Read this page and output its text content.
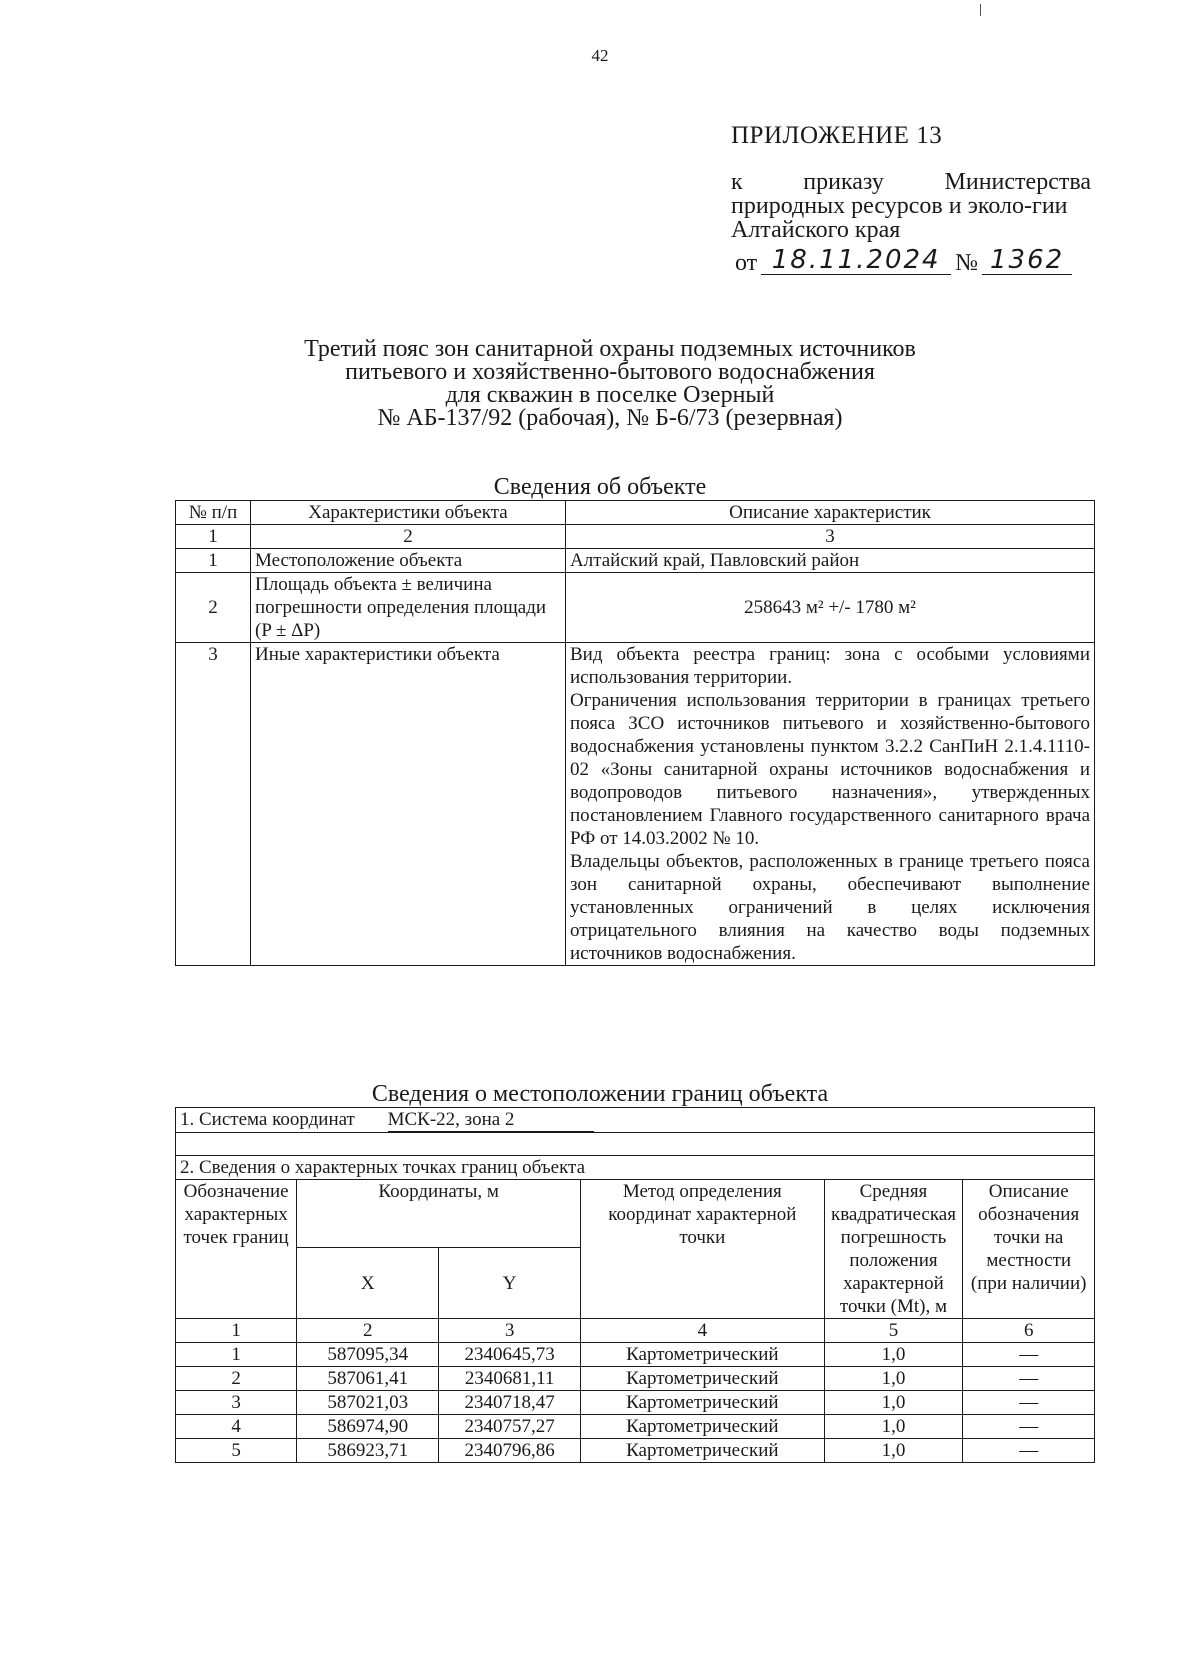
42
ПРИЛОЖЕНИЕ 13
к приказу Министерства
природных ресурсов и эколо-гии Алтайского края
от 18.11.2024 № 1362
Третий пояс зон санитарной охраны подземных источников
питьевого и хозяйственно-бытового водоснабжения
для скважин в поселке Озерный
№ АБ-137/92 (рабочая), № Б-6/73 (резервная)
Сведения об объекте
№ п/п	Характеристики объекта	Описание характеристик
1	2	3
1	Местоположение объекта	Алтайский край, Павловский район
2	Площадь объекта ± величина погрешности определения площади (P ± ΔP)	258643 м² +/- 1780 м²
3	Иные характеристики объекта	Вид объекта реестра границ: зона с особыми условиями использования территории.
Ограничения использования территории в границах третьего пояса ЗСО источников питьевого и хозяйственно-бытового водоснабжения установлены пунктом 3.2.2 СанПиН 2.1.4.1110-02 «Зоны санитарной охраны источников водоснабжения и водопроводов питьевого назначения», утвержденных постановлением Главного государственного санитарного врача РФ от 14.03.2002 № 10.
Владельцы объектов, расположенных в границе третьего пояса зон санитарной охраны, обеспечивают выполнение установленных ограничений в целях исключения отрицательного влияния на качество воды подземных источников водоснабжения.
Сведения о местоположении границ объекта
1. Система координат МСК-22, зона 2					

2. Сведения о характерных точках границ объекта					
Обозначение характерных точек границ	Координаты, м		Метод определения координат характерной точки	Средняя квадратическая погрешность положения характерной точки (Mt), м	Описание обозначения точки на местности (при наличии)
	X	Y			
1	2	3	4	5	6
1	587095,34	2340645,73	Картометрический	1,0	—
2	587061,41	2340681,11	Картометрический	1,0	—
3	587021,03	2340718,47	Картометрический	1,0	—
4	586974,90	2340757,27	Картометрический	1,0	—
5	586923,71	2340796,86	Картометрический	1,0	—
